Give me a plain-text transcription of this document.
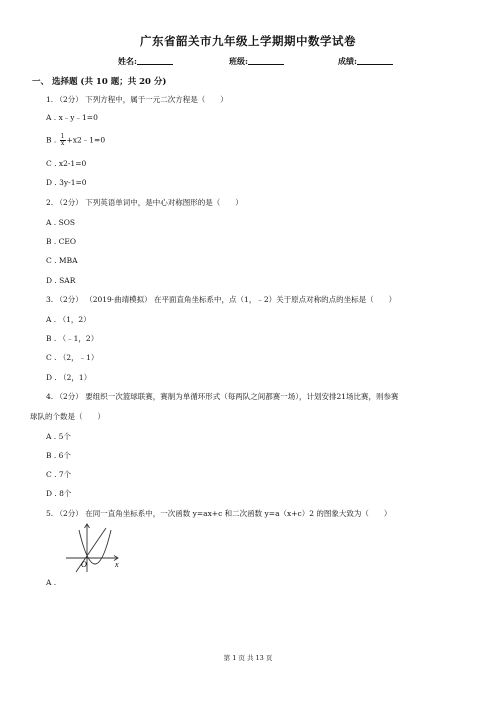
广东省韶关市九年级上学期期中数学试卷
姓名:	班级:	成绩:
一、 选择题 (共 10 题；共 20 分)
1. （2分） 下列方程中，属于一元二次方程是（　　）
A . x﹣y﹣1=0
B . $\frac{1}{x}$ +x2﹣1=0
C . x2-1=0
D . 3y-1=0
2. （2分） 下列英语单词中，是中心对称图形的是（　　）
A . SOS
B . CEO
C . MBA
D . SAR
3. （2分） （2019·曲靖模拟） 在平面直角坐标系中，点（1，﹣2）关于原点对称的点的坐标是（　　）
A . （1，2）
B . （﹣1，2）
C . （2，﹣1）
D . （2，1）
4. （2分） 要组织一次篮球联赛，赛制为单循环形式（每两队之间都赛一场），计划安排21场比赛，则参赛
球队的个数是（　　）
A . 5个
B . 6个
C . 7个
D . 8个
5. （2分） 在同一直角坐标系中，一次函数 y=ax+c 和二次函数 y=a（x+c）2 的图象大致为（　　）
O	x
A .
第 1 页 共 13 页
